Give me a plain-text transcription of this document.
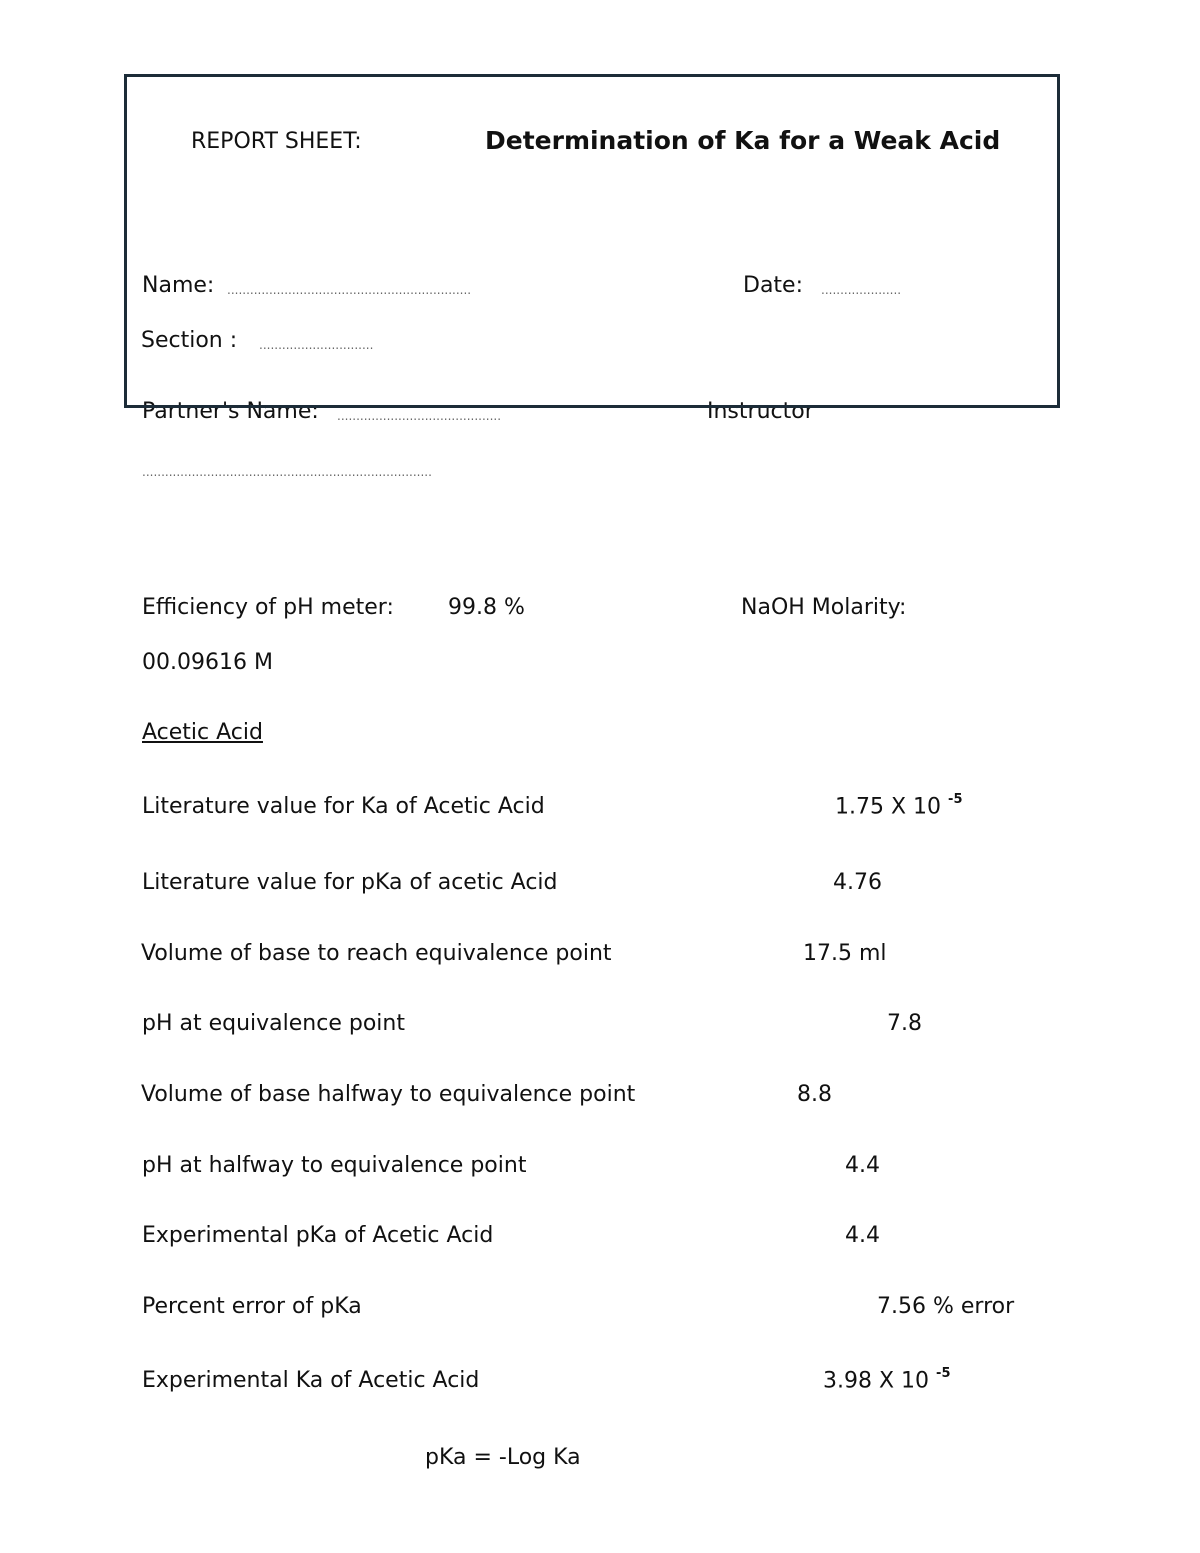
REPORT SHEET:	Determination of Ka for a Weak Acid
Name: ................................................................	Date: .....................
Section : ..............................
Partner's Name: ...........................................	Instructor
............................................................................
Efficiency of pH meter: 99.8 %	NaOH Molarity:
00.09616 M
Acetic Acid
Literature value for Ka of Acetic Acid	1.75 X 10 $^{-5}$
Literature value for pKa of acetic Acid	4.76
Volume of base to reach equivalence point	17.5 ml
pH at equivalence point	7.8
Volume of base halfway to equivalence point	8.8
pH at halfway to equivalence point	4.4
Experimental pKa of Acetic Acid	4.4
Percent error of pKa	7.56 % error
Experimental Ka of Acetic Acid	3.98 X 10 $^{-5}$
pKa = -Log Ka
